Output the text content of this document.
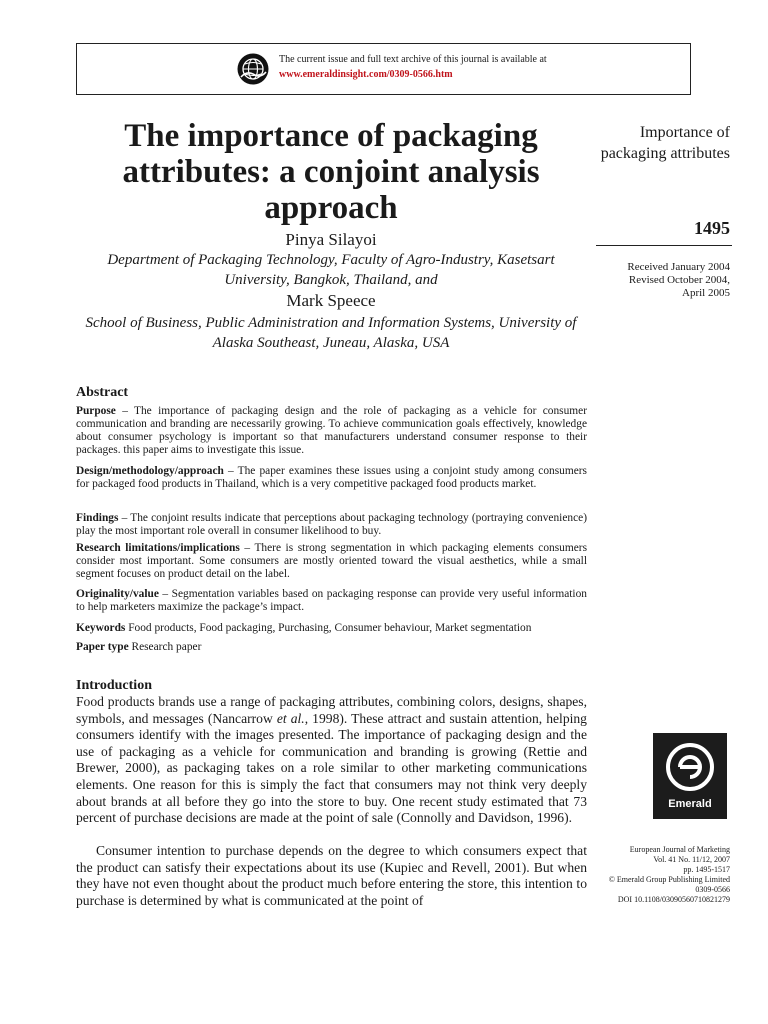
The current issue and full text archive of this journal is available at
www.emeraldinsight.com/0309-0566.htm
The importance of packaging attributes: a conjoint analysis approach
Pinya Silayoi
Department of Packaging Technology, Faculty of Agro-Industry, Kasetsart University, Bangkok, Thailand, and
Mark Speece
School of Business, Public Administration and Information Systems, University of Alaska Southeast, Juneau, Alaska, USA
Importance of packaging attributes
1495
Received January 2004
Revised October 2004,
April 2005
Emerald
European Journal of Marketing
Vol. 41 No. 11/12, 2007
pp. 1495-1517
© Emerald Group Publishing Limited
0309-0566
DOI 10.1108/03090560710821279
Abstract

Purpose – The importance of packaging design and the role of packaging as a vehicle for consumer communication and branding are necessarily growing. To achieve communication goals effectively, knowledge about consumer psychology is important so that manufacturers understand consumer response to their packages. this paper aims to investigate this issue.

Design/methodology/approach – The paper examines these issues using a conjoint study among consumers for packaged food products in Thailand, which is a very competitive packaged food products market.

Findings – The conjoint results indicate that perceptions about packaging technology (portraying convenience) play the most important role overall in consumer likelihood to buy.

Research limitations/implications – There is strong segmentation in which packaging elements consumers consider most important. Some consumers are mostly oriented toward the visual aesthetics, while a small segment focuses on product detail on the label.

Originality/value – Segmentation variables based on packaging response can provide very useful information to help marketers maximize the package’s impact.

Keywords Food products, Food packaging, Purchasing, Consumer behaviour, Market segmentation

Paper type Research paper

Introduction

Food products brands use a range of packaging attributes, combining colors, designs, shapes, symbols, and messages (Nancarrow et al., 1998). These attract and sustain attention, helping consumers identify with the images presented. The importance of packaging design and the use of packaging as a vehicle for communication and branding is growing (Rettie and Brewer, 2000), as packaging takes on a role similar to other marketing communications elements. One reason for this is simply the fact that consumers may not think very deeply about brands at all before they go into the store to buy. One recent study estimated that 73 percent of purchase decisions are made at the point of sale (Connolly and Davidson, 1996).

Consumer intention to purchase depends on the degree to which consumers expect that the product can satisfy their expectations about its use (Kupiec and Revell, 2001). But when they have not even thought about the product much before entering the store, this intention to purchase is determined by what is communicated at the point of
